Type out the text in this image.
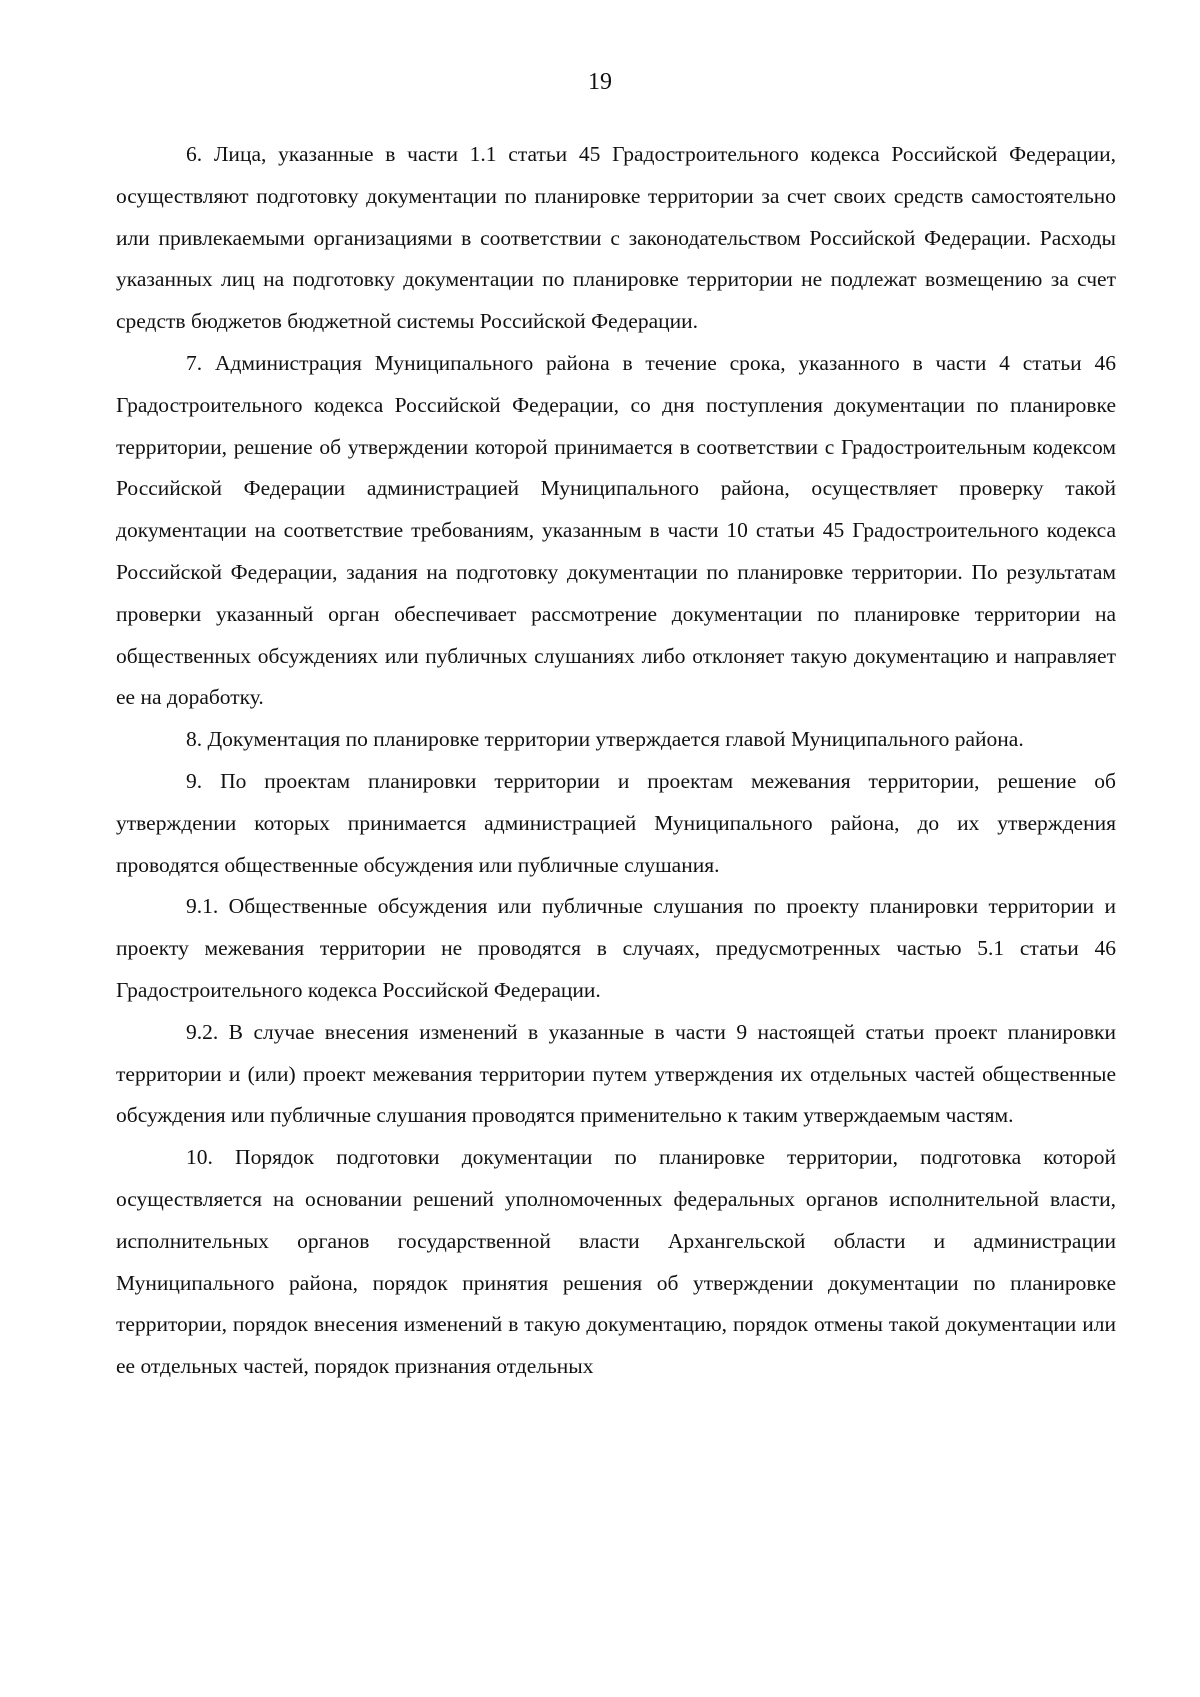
19

6. Лица, указанные в части 1.1 статьи 45 Градостроительного кодекса Российской Федерации, осуществляют подготовку документации по планировке территории за счет своих средств самостоятельно или привлекаемыми организациями в соответствии с законодательством Российской Федерации. Расходы указанных лиц на подготовку документации по планировке территории не подлежат возмещению за счет средств бюджетов бюджетной системы Российской Федерации.

7. Администрация Муниципального района в течение срока, указанного в части 4 статьи 46 Градостроительного кодекса Российской Федерации, со дня поступления документации по планировке территории, решение об утверждении которой принимается в соответствии с Градостроительным кодексом Российской Федерации администрацией Муниципального района, осуществляет проверку такой документации на соответствие требованиям, указанным в части 10 статьи 45 Градостроительного кодекса Российской Федерации, задания на подготовку документации по планировке территории. По результатам проверки указанный орган обеспечивает рассмотрение документации по планировке территории на общественных обсуждениях или публичных слушаниях либо отклоняет такую документацию и направляет ее на доработку.

8. Документация по планировке территории утверждается главой Муниципального района.

9. По проектам планировки территории и проектам межевания территории, решение об утверждении которых принимается администрацией Муниципального района, до их утверждения проводятся общественные обсуждения или публичные слушания.

9.1. Общественные обсуждения или публичные слушания по проекту планировки территории и проекту межевания территории не проводятся в случаях, предусмотренных частью 5.1 статьи 46 Градостроительного кодекса Российской Федерации.

9.2. В случае внесения изменений в указанные в части 9 настоящей статьи проект планировки территории и (или) проект межевания территории путем утверждения их отдельных частей общественные обсуждения или публичные слушания проводятся применительно к таким утверждаемым частям.

10. Порядок подготовки документации по планировке территории, подготовка которой осуществляется на основании решений уполномоченных федеральных органов исполнительной власти, исполнительных органов государственной власти Архангельской области и администрации Муниципального района, порядок принятия решения об утверждении документации по планировке территории, порядок внесения изменений в такую документацию, порядок отмены такой документации или ее отдельных частей, порядок признания отдельных
